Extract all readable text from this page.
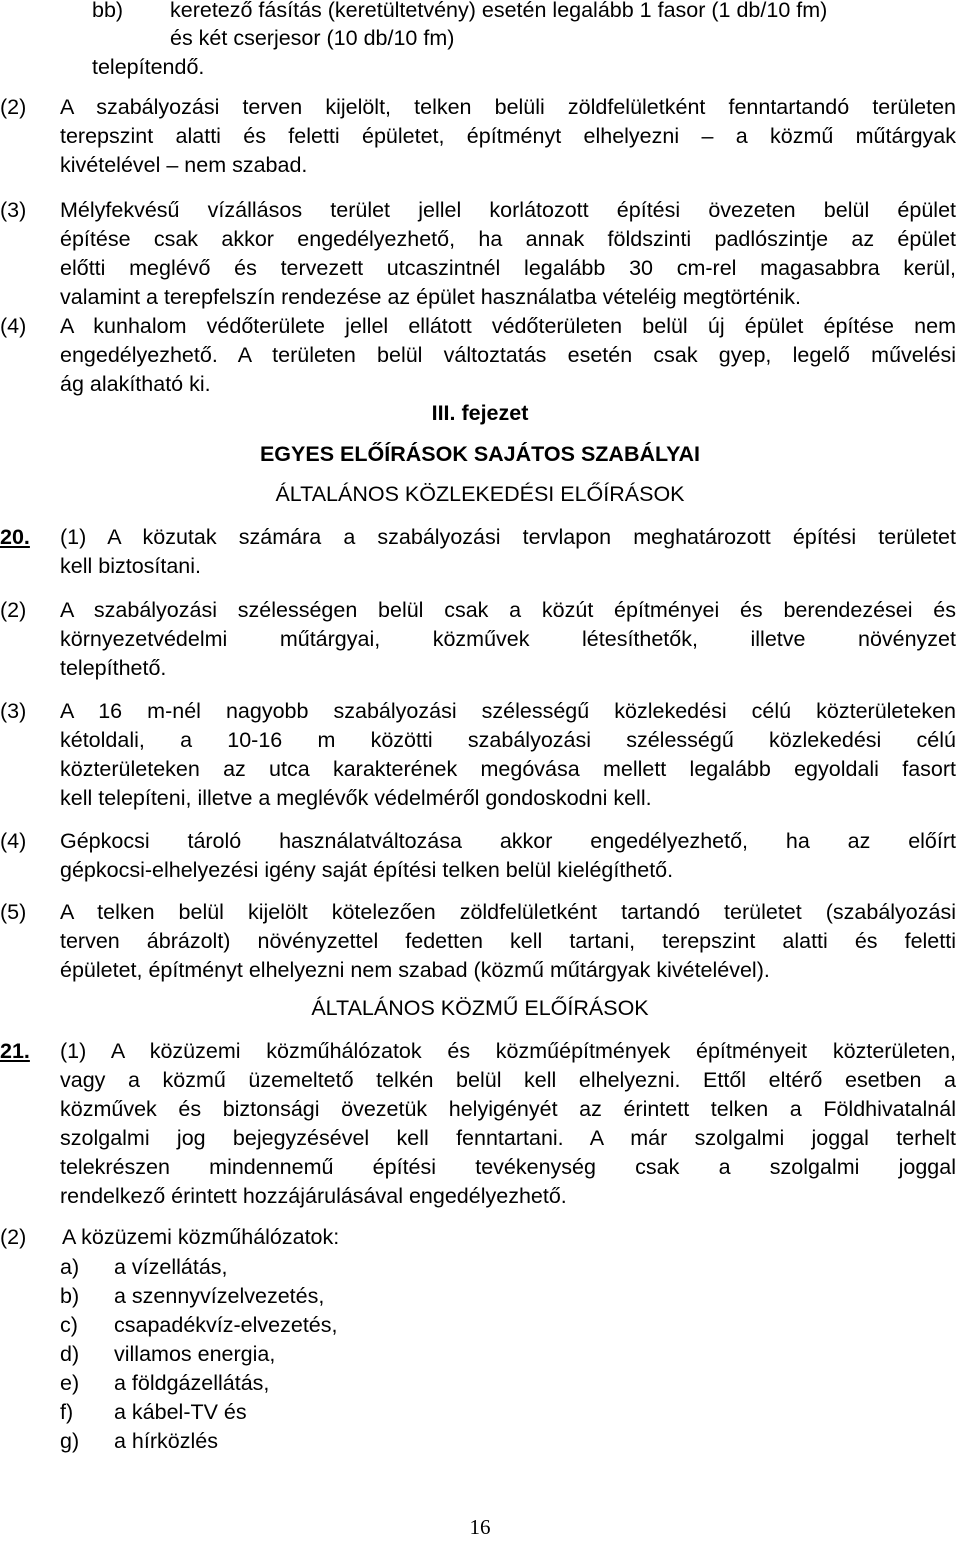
bb) keretező fásítás (keretültetvény) esetén legalább 1 fasor (1 db/10 fm)
és két cserjesor (10 db/10 fm)
telepítendő.
(2) A szabályozási terven kijelölt, telken belüli zöldfelületként fenntartandó területen
terepszint alatti és feletti épületet, építményt elhelyezni – a közmű műtárgyak
kivételével – nem szabad.
(3) Mélyfekvésű vízállásos terület jellel korlátozott építési övezeten belül épület
építése csak akkor engedélyezhető, ha annak földszinti padlószintje az épület
előtti meglévő és tervezett utcaszintnél legalább 30 cm-rel magasabbra kerül,
valamint a terepfelszín rendezése az épület használatba vételéig megtörténik.
(4) A kunhalom védőterülete jellel ellátott védőterületen belül új épület építése nem
engedélyezhető. A területen belül változtatás esetén csak gyep, legelő művelési
ág alakítható ki.
III. fejezet
EGYES ELŐÍRÁSOK SAJÁTOS SZABÁLYAI
ÁLTALÁNOS KÖZLEKEDÉSI ELŐÍRÁSOK
20. (1) A közutak számára a szabályozási tervlapon meghatározott építési területet
kell biztosítani.
(2) A szabályozási szélességen belül csak a közút építményei és berendezései és
környezetvédelmi műtárgyai, közművek létesíthetők, illetve növényzet
telepíthető.
(3) A 16 m-nél nagyobb szabályozási szélességű közlekedési célú közterületeken
kétoldali, a 10-16 m közötti szabályozási szélességű közlekedési célú
közterületeken az utca karakterének megóvása mellett legalább egyoldali fasort
kell telepíteni, illetve a meglévők védelméről gondoskodni kell.
(4) Gépkocsi tároló használatváltozása akkor engedélyezhető, ha az előírt
gépkocsi-elhelyezési igény saját építési telken belül kielégíthető.
(5) A telken belül kijelölt kötelezően zöldfelületként tartandó területet (szabályozási
terven ábrázolt) növényzettel fedetten kell tartani, terepszint alatti és feletti
épületet, építményt elhelyezni nem szabad (közmű műtárgyak kivételével).
ÁLTALÁNOS KÖZMŰ ELŐÍRÁSOK
21. (1) A közüzemi közműhálózatok és közműépítmények építményeit közterületen,
vagy a közmű üzemeltető telkén belül kell elhelyezni. Ettől eltérő esetben a
közművek és biztonsági övezetük helyigényét az érintett telken a Földhivatalnál
szolgalmi jog bejegyzésével kell fenntartani. A már szolgalmi joggal terhelt
telekrészen mindennemű építési tevékenység csak a szolgalmi joggal
rendelkező érintett hozzájárulásával engedélyezhető.
(2) A közüzemi közműhálózatok:
a) a vízellátás,
b) a szennyvízelvezetés,
c) csapadékvíz-elvezetés,
d) villamos energia,
e) a földgázellátás,
f) a kábel-TV és
g) a hírközlés
16
